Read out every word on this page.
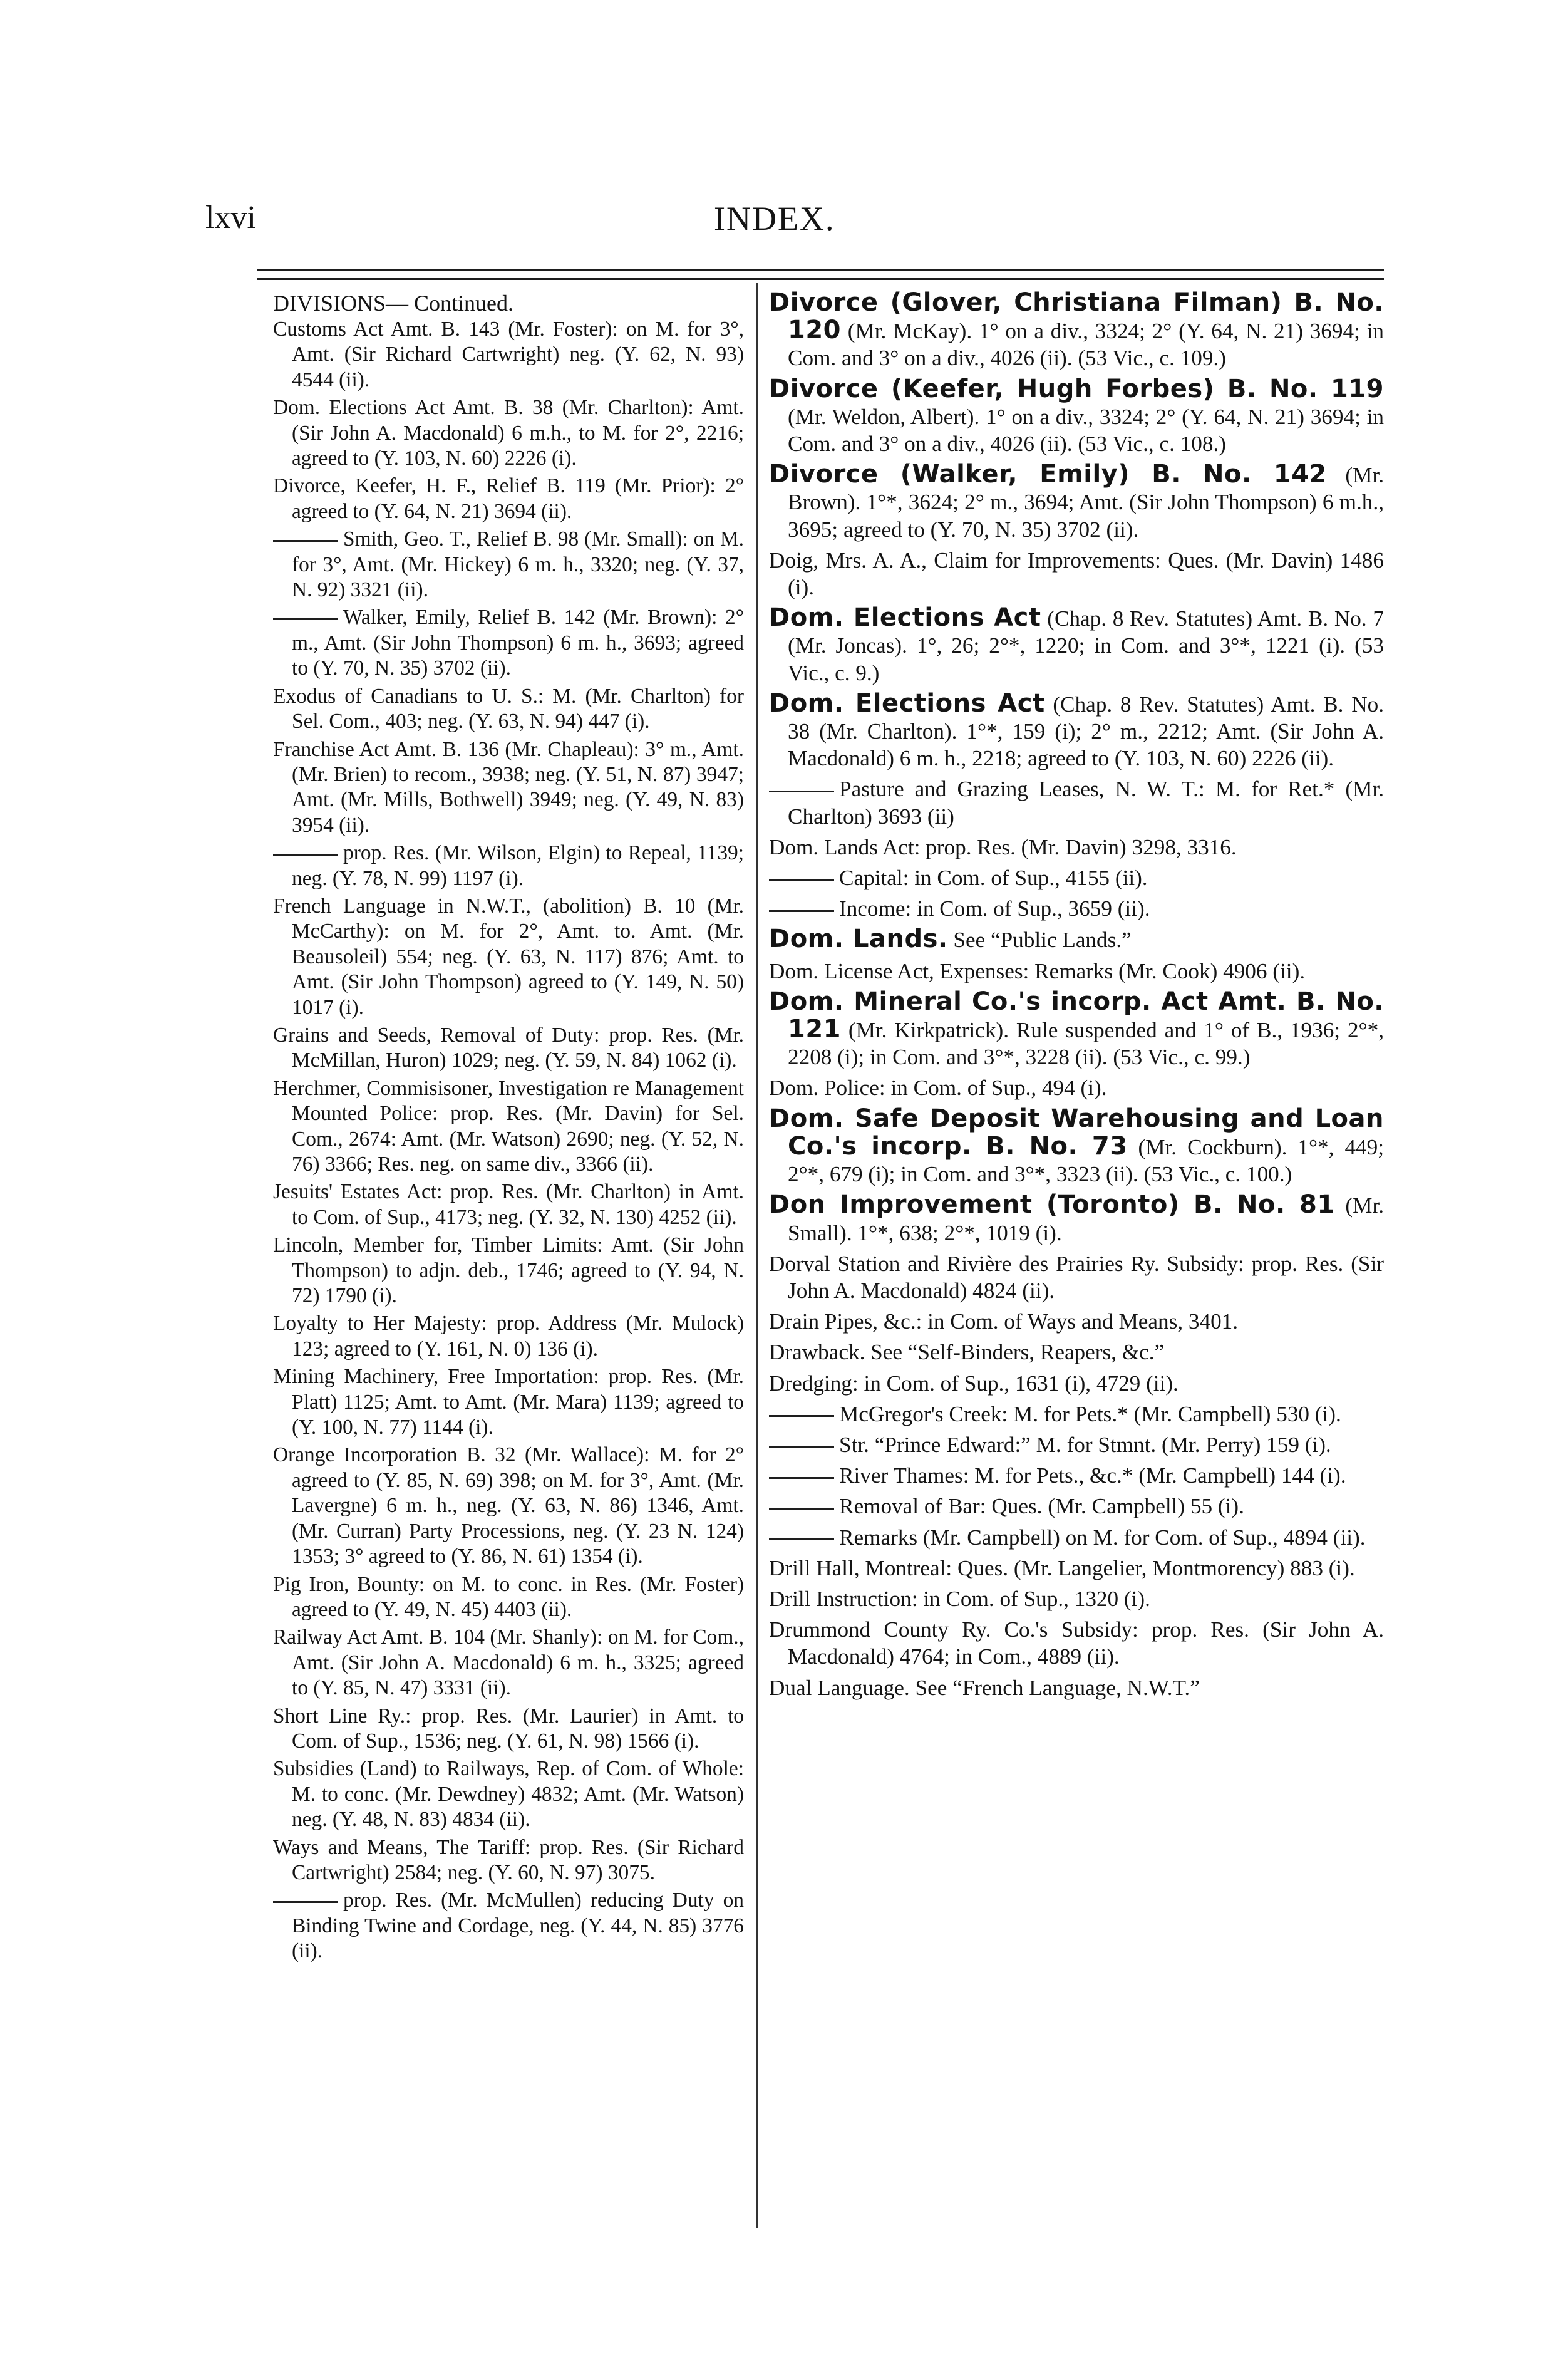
lxvi	INDEX.
DIVISIONS— Continued.
Customs Act Amt. B. 143 (Mr. Foster): on M. for 3°, Amt. (Sir Richard Cartwright) neg. (Y. 62, N. 93) 4544 (ii).
Dom. Elections Act Amt. B. 38 (Mr. Charlton): Amt. (Sir John A. Macdonald) 6 m.h., to M. for 2°, 2216; agreed to (Y. 103, N. 60) 2226 (i).
Divorce, Keefer, H. F., Relief B. 119 (Mr. Prior): 2° agreed to (Y. 64, N. 21) 3694 (ii).
Smith, Geo. T., Relief B. 98 (Mr. Small): on M. for 3°, Amt. (Mr. Hickey) 6 m. h., 3320; neg. (Y. 37, N. 92) 3321 (ii).
Walker, Emily, Relief B. 142 (Mr. Brown): 2° m., Amt. (Sir John Thompson) 6 m. h., 3693; agreed to (Y. 70, N. 35) 3702 (ii).
Exodus of Canadians to U. S.: M. (Mr. Charlton) for Sel. Com., 403; neg. (Y. 63, N. 94) 447 (i).
Franchise Act Amt. B. 136 (Mr. Chapleau): 3° m., Amt. (Mr. Brien) to recom., 3938; neg. (Y. 51, N. 87) 3947; Amt. (Mr. Mills, Bothwell) 3949; neg. (Y. 49, N. 83) 3954 (ii).
prop. Res. (Mr. Wilson, Elgin) to Repeal, 1139; neg. (Y. 78, N. 99) 1197 (i).
French Language in N.W.T., (abolition) B. 10 (Mr. McCarthy): on M. for 2°, Amt. to. Amt. (Mr. Beausoleil) 554; neg. (Y. 63, N. 117) 876; Amt. to Amt. (Sir John Thompson) agreed to (Y. 149, N. 50) 1017 (i).
Grains and Seeds, Removal of Duty: prop. Res. (Mr. McMillan, Huron) 1029; neg. (Y. 59, N. 84) 1062 (i).
Herchmer, Commisisoner, Investigation re Management Mounted Police: prop. Res. (Mr. Davin) for Sel. Com., 2674: Amt. (Mr. Watson) 2690; neg. (Y. 52, N. 76) 3366; Res. neg. on same div., 3366 (ii).
Jesuits' Estates Act: prop. Res. (Mr. Charlton) in Amt. to Com. of Sup., 4173; neg. (Y. 32, N. 130) 4252 (ii).
Lincoln, Member for, Timber Limits: Amt. (Sir John Thompson) to adjn. deb., 1746; agreed to (Y. 94, N. 72) 1790 (i).
Loyalty to Her Majesty: prop. Address (Mr. Mulock) 123; agreed to (Y. 161, N. 0) 136 (i).
Mining Machinery, Free Importation: prop. Res. (Mr. Platt) 1125; Amt. to Amt. (Mr. Mara) 1139; agreed to (Y. 100, N. 77) 1144 (i).
Orange Incorporation B. 32 (Mr. Wallace): M. for 2° agreed to (Y. 85, N. 69) 398; on M. for 3°, Amt. (Mr. Lavergne) 6 m. h., neg. (Y. 63, N. 86) 1346, Amt. (Mr. Curran) Party Processions, neg. (Y. 23 N. 124) 1353; 3° agreed to (Y. 86, N. 61) 1354 (i).
Pig Iron, Bounty: on M. to conc. in Res. (Mr. Foster) agreed to (Y. 49, N. 45) 4403 (ii).
Railway Act Amt. B. 104 (Mr. Shanly): on M. for Com., Amt. (Sir John A. Macdonald) 6 m. h., 3325; agreed to (Y. 85, N. 47) 3331 (ii).
Short Line Ry.: prop. Res. (Mr. Laurier) in Amt. to Com. of Sup., 1536; neg. (Y. 61, N. 98) 1566 (i).
Subsidies (Land) to Railways, Rep. of Com. of Whole: M. to conc. (Mr. Dewdney) 4832; Amt. (Mr. Watson) neg. (Y. 48, N. 83) 4834 (ii).
Ways and Means, The Tariff: prop. Res. (Sir Richard Cartwright) 2584; neg. (Y. 60, N. 97) 3075.
prop. Res. (Mr. McMullen) reducing Duty on Binding Twine and Cordage, neg. (Y. 44, N. 85) 3776 (ii).
Divorce (Glover, Christiana Filman) B. No. 120 (Mr. McKay). 1° on a div., 3324; 2° (Y. 64, N. 21) 3694; in Com. and 3° on a div., 4026 (ii). (53 Vic., c. 109.)
Divorce (Keefer, Hugh Forbes) B. No. 119 (Mr. Weldon, Albert). 1° on a div., 3324; 2° (Y. 64, N. 21) 3694; in Com. and 3° on a div., 4026 (ii). (53 Vic., c. 108.)
Divorce (Walker, Emily) B. No. 142 (Mr. Brown). 1°*, 3624; 2° m., 3694; Amt. (Sir John Thompson) 6 m.h., 3695; agreed to (Y. 70, N. 35) 3702 (ii).
Doig, Mrs. A. A., Claim for Improvements: Ques. (Mr. Davin) 1486 (i).
Dom. Elections Act (Chap. 8 Rev. Statutes) Amt. B. No. 7 (Mr. Joncas). 1°, 26; 2°*, 1220; in Com. and 3°*, 1221 (i). (53 Vic., c. 9.)
Dom. Elections Act (Chap. 8 Rev. Statutes) Amt. B. No. 38 (Mr. Charlton). 1°*, 159 (i); 2° m., 2212; Amt. (Sir John A. Macdonald) 6 m. h., 2218; agreed to (Y. 103, N. 60) 2226 (ii).
Pasture and Grazing Leases, N. W. T.: M. for Ret.* (Mr. Charlton) 3693 (ii)
Dom. Lands Act: prop. Res. (Mr. Davin) 3298, 3316.
Capital: in Com. of Sup., 4155 (ii).
Income: in Com. of Sup., 3659 (ii).
Dom. Lands. See “Public Lands.”
Dom. License Act, Expenses: Remarks (Mr. Cook) 4906 (ii).
Dom. Mineral Co.'s incorp. Act Amt. B. No. 121 (Mr. Kirkpatrick). Rule suspended and 1° of B., 1936; 2°*, 2208 (i); in Com. and 3°*, 3228 (ii). (53 Vic., c. 99.)
Dom. Police: in Com. of Sup., 494 (i).
Dom. Safe Deposit Warehousing and Loan Co.'s incorp. B. No. 73 (Mr. Cockburn). 1°*, 449; 2°*, 679 (i); in Com. and 3°*, 3323 (ii). (53 Vic., c. 100.)
Don Improvement (Toronto) B. No. 81 (Mr. Small). 1°*, 638; 2°*, 1019 (i).
Dorval Station and Rivière des Prairies Ry. Subsidy: prop. Res. (Sir John A. Macdonald) 4824 (ii).
Drain Pipes, &c.: in Com. of Ways and Means, 3401.
Drawback. See “Self-Binders, Reapers, &c.”
Dredging: in Com. of Sup., 1631 (i), 4729 (ii).
McGregor's Creek: M. for Pets.* (Mr. Campbell) 530 (i).
Str. “Prince Edward:” M. for Stmnt. (Mr. Perry) 159 (i).
River Thames: M. for Pets., &c.* (Mr. Campbell) 144 (i).
Removal of Bar: Ques. (Mr. Campbell) 55 (i).
Remarks (Mr. Campbell) on M. for Com. of Sup., 4894 (ii).
Drill Hall, Montreal: Ques. (Mr. Langelier, Montmorency) 883 (i).
Drill Instruction: in Com. of Sup., 1320 (i).
Drummond County Ry. Co.'s Subsidy: prop. Res. (Sir John A. Macdonald) 4764; in Com., 4889 (ii).
Dual Language. See “French Language, N.W.T.”
